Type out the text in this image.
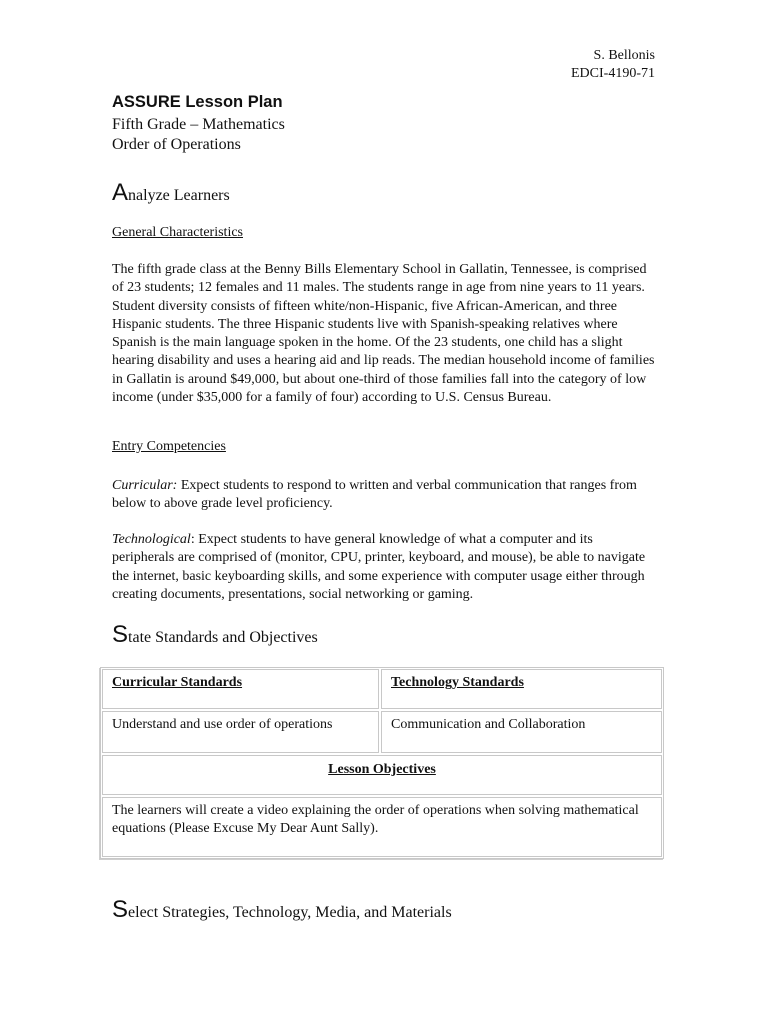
S. Bellonis
EDCI-4190-71
ASSURE Lesson Plan
Fifth Grade – Mathematics
Order of Operations
Analyze Learners
General Characteristics
The fifth grade class at the Benny Bills Elementary School in Gallatin, Tennessee, is comprised of 23 students; 12 females and 11 males. The students range in age from nine years to 11 years. Student diversity consists of fifteen white/non-Hispanic, five African-American, and three Hispanic students. The three Hispanic students live with Spanish-speaking relatives where Spanish is the main language spoken in the home. Of the 23 students, one child has a slight hearing disability and uses a hearing aid and lip reads. The median household income of families in Gallatin is around $49,000, but about one-third of those families fall into the category of low income (under $35,000 for a family of four) according to U.S. Census Bureau.
Entry Competencies
Curricular: Expect students to respond to written and verbal communication that ranges from below to above grade level proficiency.
Technological: Expect students to have general knowledge of what a computer and its peripherals are comprised of (monitor, CPU, printer, keyboard, and mouse), be able to navigate the internet, basic keyboarding skills, and some experience with computer usage either through creating documents, presentations, social networking or gaming.
State Standards and Objectives
Curricular Standards	Technology Standards
Understand and use order of operations	Communication and Collaboration
Lesson Objectives
The learners will create a video explaining the order of operations when solving mathematical equations (Please Excuse My Dear Aunt Sally).
Select Strategies, Technology, Media, and Materials
